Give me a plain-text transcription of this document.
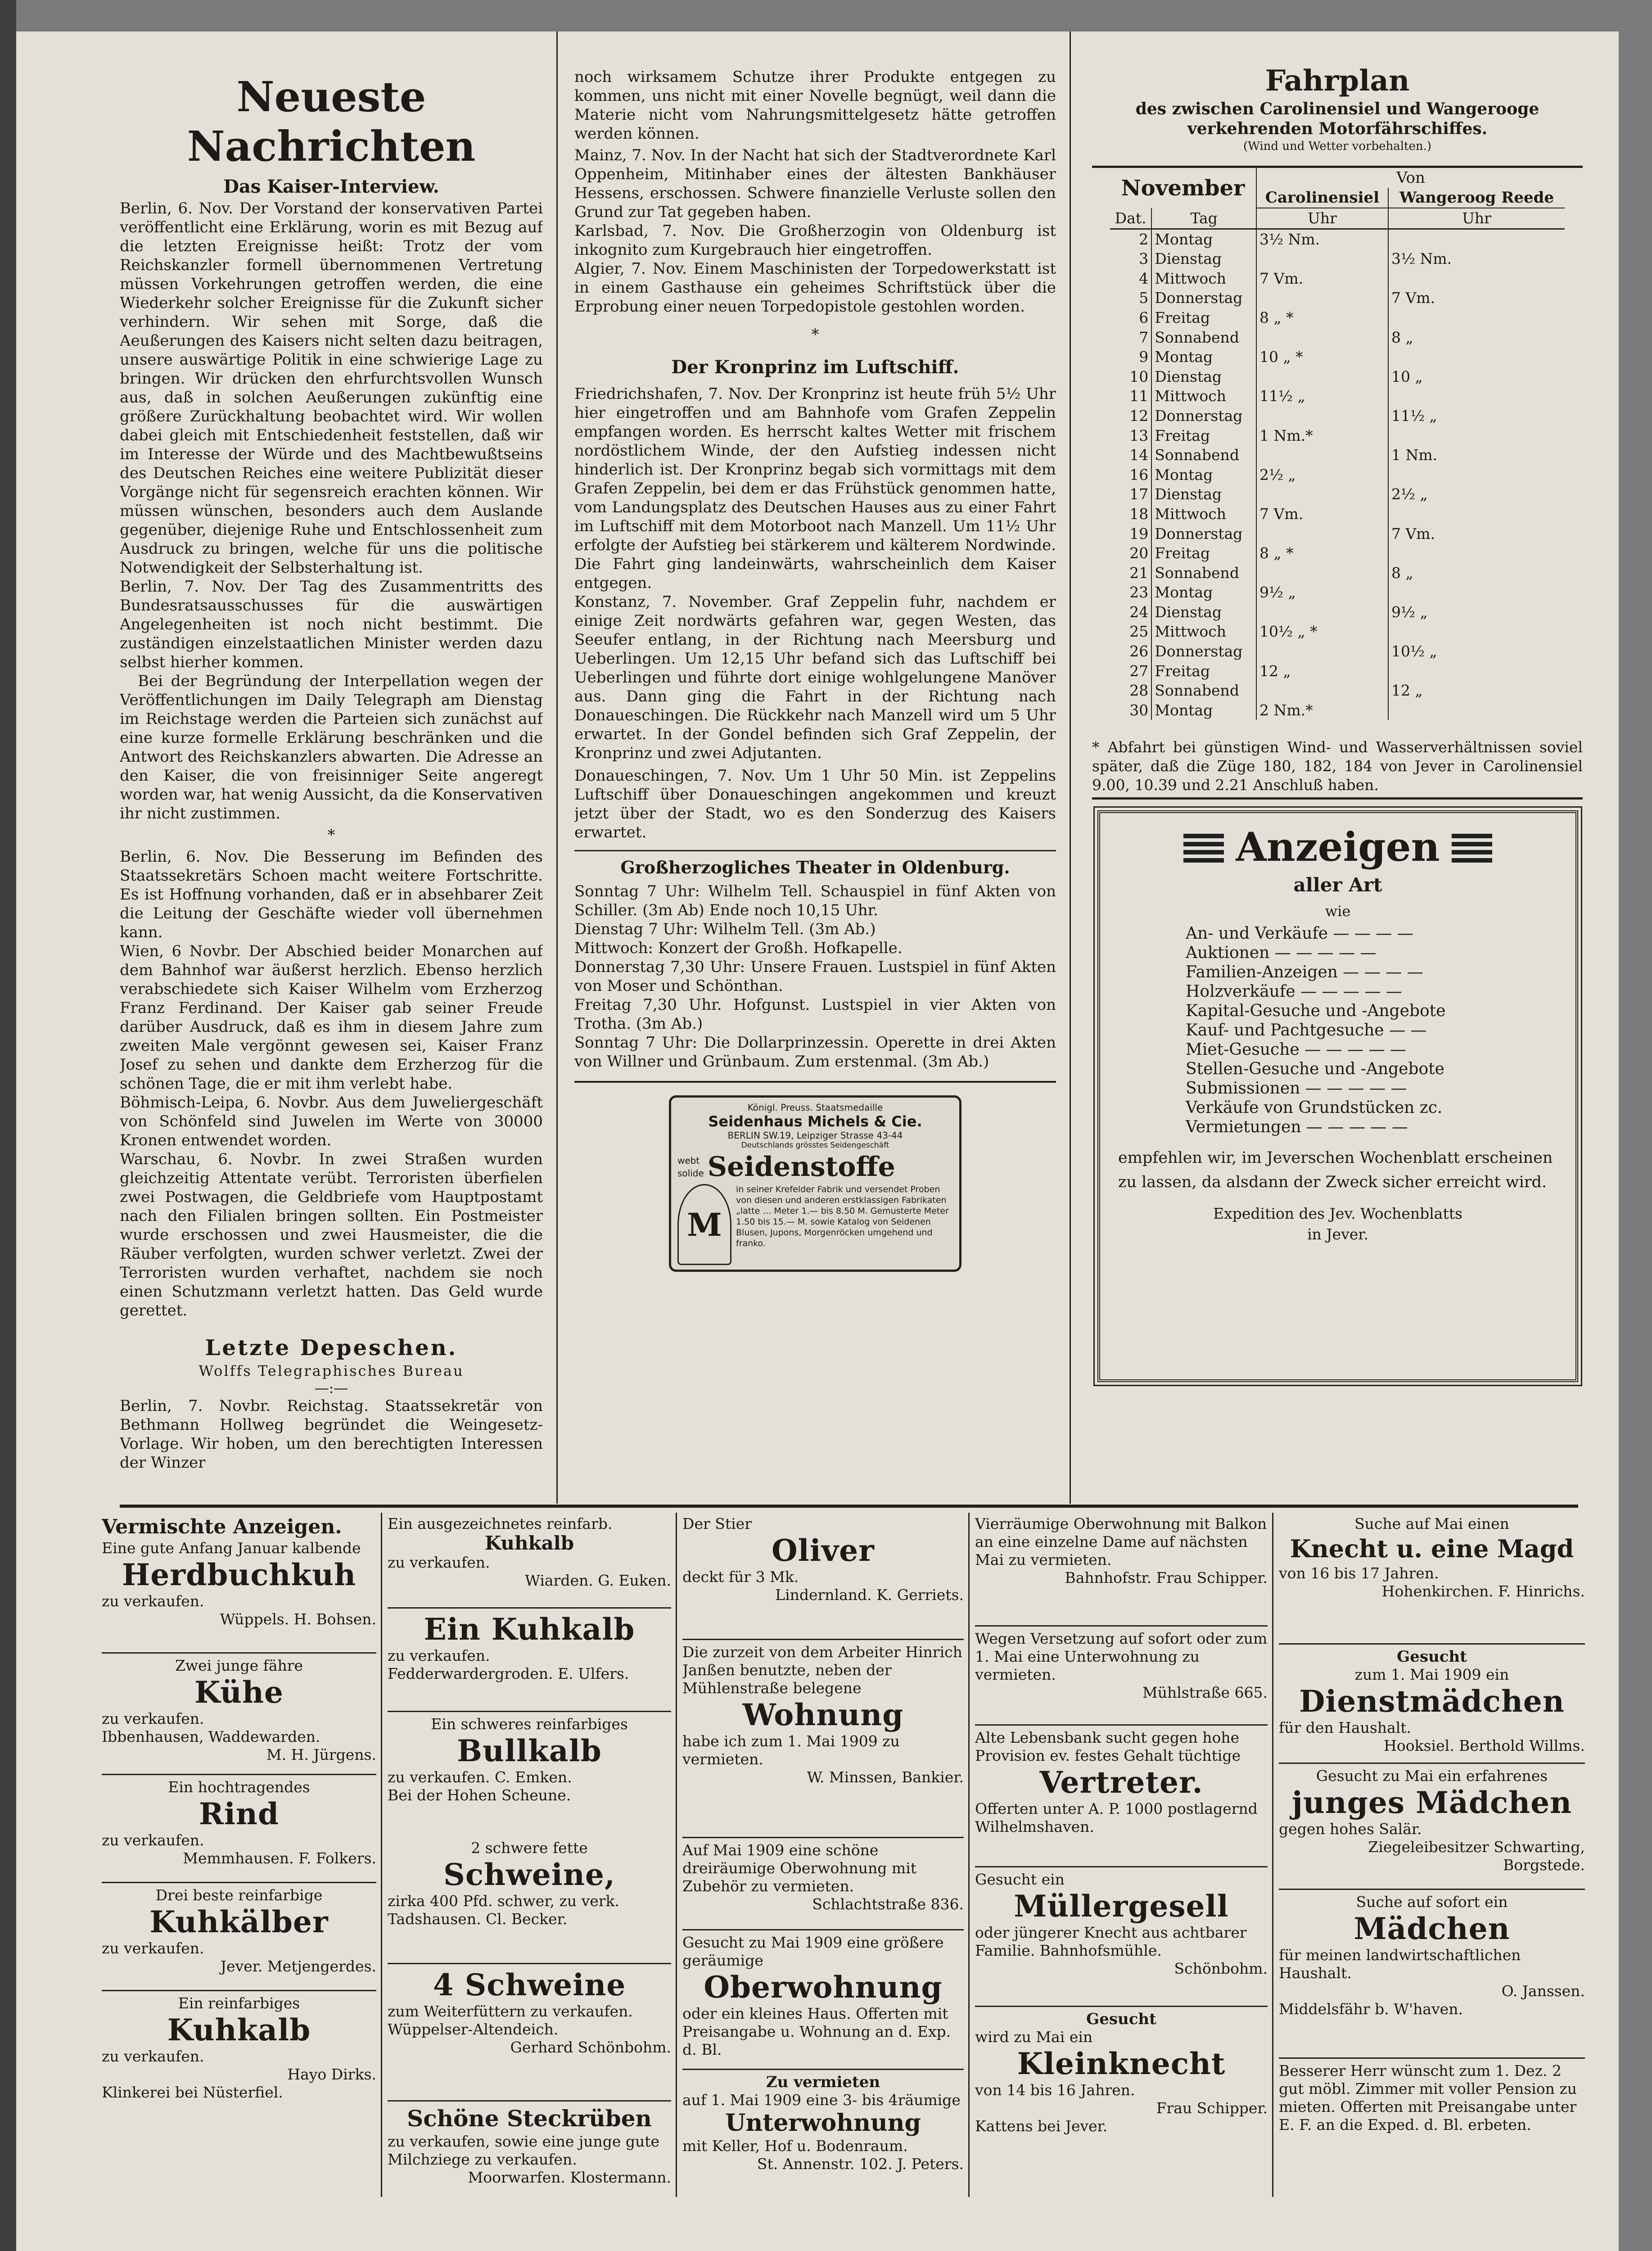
Neueste Nachrichten
Das Kaiser-Interview.

Berlin, 6. Nov. Der Vorstand der konservativen Partei veröffentlicht eine Erklärung, worin es mit Bezug auf die letzten Ereignisse heißt: Trotz der vom Reichskanzler formell übernommenen Vertretung müssen Vorkehrungen getroffen werden, die eine Wiederkehr solcher Ereignisse für die Zukunft sicher verhindern. Wir sehen mit Sorge, daß die Aeußerungen des Kaisers nicht selten dazu beitragen, unsere auswärtige Politik in eine schwierige Lage zu bringen. Wir drücken den ehrfurchtsvollen Wunsch aus, daß in solchen Aeußerungen zukünftig eine größere Zurückhaltung beobachtet wird. Wir wollen dabei gleich mit Entschiedenheit feststellen, daß wir im Interesse der Würde und des Machtbewußtseins des Deutschen Reiches eine weitere Publizität dieser Vorgänge nicht für segensreich erachten können. Wir müssen wünschen, besonders auch dem Auslande gegenüber, diejenige Ruhe und Entschlossenheit zum Ausdruck zu bringen, welche für uns die politische Notwendigkeit der Selbsterhaltung ist.

Berlin, 7. Nov. Der Tag des Zusammentritts des Bundesratsausschusses für die auswärtigen Angelegenheiten ist noch nicht bestimmt. Die zuständigen einzelstaatlichen Minister werden dazu selbst hierher kommen.

Bei der Begründung der Interpellation wegen der Veröffentlichungen im Daily Telegraph am Dienstag im Reichstage werden die Parteien sich zunächst auf eine kurze formelle Erklärung beschränken und die Antwort des Reichskanzlers abwarten. Die Adresse an den Kaiser, die von freisinniger Seite angeregt worden war, hat wenig Aussicht, da die Konservativen ihr nicht zustimmen.

*

Berlin, 6. Nov. Die Besserung im Befinden des Staatssekretärs Schoen macht weitere Fortschritte. Es ist Hoffnung vorhanden, daß er in absehbarer Zeit die Leitung der Geschäfte wieder voll übernehmen kann.

Wien, 6 Novbr. Der Abschied beider Monarchen auf dem Bahnhof war äußerst herzlich. Ebenso herzlich verabschiedete sich Kaiser Wilhelm vom Erzherzog Franz Ferdinand. Der Kaiser gab seiner Freude darüber Ausdruck, daß es ihm in diesem Jahre zum zweiten Male vergönnt gewesen sei, Kaiser Franz Josef zu sehen und dankte dem Erzherzog für die schönen Tage, die er mit ihm verlebt habe.

Böhmisch-Leipa, 6. Novbr. Aus dem Juweliergeschäft von Schönfeld sind Juwelen im Werte von 30000 Kronen entwendet worden.

Warschau, 6. Novbr. In zwei Straßen wurden gleichzeitig Attentate verübt. Terroristen überfielen zwei Postwagen, die Geldbriefe vom Hauptpostamt nach den Filialen bringen sollten. Ein Postmeister wurde erschossen und zwei Hausmeister, die die Räuber verfolgten, wurden schwer verletzt. Zwei der Terroristen wurden verhaftet, nachdem sie noch einen Schutzmann verletzt hatten. Das Geld wurde gerettet.

Letzte Depeschen.
Wolffs Telegraphisches Bureau
—:—

Berlin, 7. Novbr. Reichstag. Staatssekretär von Bethmann Hollweg begründet die Weingesetz-Vorlage. Wir hoben, um den berechtigten Interessen der Winzer

noch wirksamem Schutze ihrer Produkte entgegen zu kommen, uns nicht mit einer Novelle begnügt, weil dann die Materie nicht vom Nahrungsmittelgesetz hätte getroffen werden können.

Mainz, 7. Nov. In der Nacht hat sich der Stadtverordnete Karl Oppenheim, Mitinhaber eines der ältesten Bankhäuser Hessens, erschossen. Schwere finanzielle Verluste sollen den Grund zur Tat gegeben haben.

Karlsbad, 7. Nov. Die Großherzogin von Oldenburg ist inkognito zum Kurgebrauch hier eingetroffen.

Algier, 7. Nov. Einem Maschinisten der Torpedowerkstatt ist in einem Gasthause ein geheimes Schriftstück über die Erprobung einer neuen Torpedopistole gestohlen worden.

*
Der Kronprinz im Luftschiff.

Friedrichshafen, 7. Nov. Der Kronprinz ist heute früh 5½ Uhr hier eingetroffen und am Bahnhofe vom Grafen Zeppelin empfangen worden. Es herrscht kaltes Wetter mit frischem nordöstlichem Winde, der den Aufstieg indessen nicht hinderlich ist. Der Kronprinz begab sich vormittags mit dem Grafen Zeppelin, bei dem er das Frühstück genommen hatte, vom Landungsplatz des Deutschen Hauses aus zu einer Fahrt im Luftschiff mit dem Motorboot nach Manzell. Um 11½ Uhr erfolgte der Aufstieg bei stärkerem und kälterem Nordwinde. Die Fahrt ging landeinwärts, wahrscheinlich dem Kaiser entgegen.

Konstanz, 7. November. Graf Zeppelin fuhr, nachdem er einige Zeit nordwärts gefahren war, gegen Westen, das Seeufer entlang, in der Richtung nach Meersburg und Ueberlingen. Um 12,15 Uhr befand sich das Luftschiff bei Ueberlingen und führte dort einige wohlgelungene Manöver aus. Dann ging die Fahrt in der Richtung nach Donaueschingen. Die Rückkehr nach Manzell wird um 5 Uhr erwartet. In der Gondel befinden sich Graf Zeppelin, der Kronprinz und zwei Adjutanten.

Donaueschingen, 7. Nov. Um 1 Uhr 50 Min. ist Zeppelins Luftschiff über Donaueschingen angekommen und kreuzt jetzt über der Stadt, wo es den Sonderzug des Kaisers erwartet.

Großherzogliches Theater in Oldenburg.

Sonntag 7 Uhr: Wilhelm Tell. Schauspiel in fünf Akten von Schiller. (3m Ab) Ende noch 10,15 Uhr.

Dienstag 7 Uhr: Wilhelm Tell. (3m Ab.)

Mittwoch: Konzert der Großh. Hofkapelle.

Donnerstag 7,30 Uhr: Unsere Frauen. Lustspiel in fünf Akten von Moser und Schönthan.

Freitag 7,30 Uhr. Hofgunst. Lustspiel in vier Akten von Trotha. (3m Ab.)

Sonntag 7 Uhr: Die Dollarprinzessin. Operette in drei Akten von Willner und Grünbaum. Zum erstenmal. (3m Ab.)

Königl. Preuss. Staatsmedaille
Seidenhaus Michels & Cie.
BERLIN SW.19, Leipziger Strasse 43-44
Deutschlands grösstes Seidengeschäft
webt
solide Seidenstoffe
M
in seiner Krefelder Fabrik und versendet Proben von diesen und anderen erstklassigen Fabrikaten „latte … Meter 1.— bis 8.50 M. Gemusterte Meter 1.50 bis 15.— M. sowie Katalog von Seidenen Blusen, Jupons, Morgenröcken umgehend und franko.
Fahrplan
des zwischen Carolinensiel und Wangerooge
verkehrenden Motorfährschiffes.
(Wind und Wetter vorbehalten.)
November		Von	
		Carolinensiel	Wangeroog Reede
Dat.	Tag	Uhr	Uhr
2	Montag	3½ Nm.	
3	Dienstag		3½ Nm.
4	Mittwoch	7 Vm.	
5	Donnerstag		7 Vm.
6	Freitag	8 „ *	
7	Sonnabend		8 „
9	Montag	10 „ *	
10	Dienstag		10 „
11	Mittwoch	11½ „	
12	Donnerstag		11½ „
13	Freitag	1 Nm.*	
14	Sonnabend		1 Nm.
16	Montag	2½ „	
17	Dienstag		2½ „
18	Mittwoch	7 Vm.	
19	Donnerstag		7 Vm.
20	Freitag	8 „ *	
21	Sonnabend		8 „
23	Montag	9½ „	
24	Dienstag		9½ „
25	Mittwoch	10½ „ *	
26	Donnerstag		10½ „
27	Freitag	12 „	
28	Sonnabend		12 „
30	Montag	2 Nm.*	
* Abfahrt bei günstigen Wind- und Wasserverhältnissen soviel später, daß die Züge 180, 182, 184 von Jever in Carolinensiel 9.00, 10.39 und 2.21 Anschluß haben.
Anzeigen
aller Art
wie
An- und Verkäufe — — — —
Auktionen — — — — —
Familien-Anzeigen — — — —
Holzverkäufe — — — — —
Kapital-Gesuche und -Angebote
Kauf- und Pachtgesuche — —
Miet-Gesuche — — — — —
Stellen-Gesuche und -Angebote
Submissionen — — — — —
Verkäufe von Grundstücken zc.
Vermietungen — — — — —

empfehlen wir, im Jeverschen Wochenblatt erscheinen zu lassen, da alsdann der Zweck sicher erreicht wird.

Expedition des Jev. Wochenblatts
in Jever.
Vermischte Anzeigen.
Eine gute Anfang Januar kalbende
Herdbuchkuh
zu verkaufen.
Wüppels. H. Bohsen.
Zwei junge fähre
Kühe
zu verkaufen.
Ibbenhausen, Waddewarden.
M. H. Jürgens.
Ein hochtragendes
Rind
zu verkaufen.
Memmhausen. F. Folkers.
Drei beste reinfarbige
Kuhkälber
zu verkaufen.
Jever. Metjengerdes.
Ein reinfarbiges
Kuhkalb
zu verkaufen.
Hayo Dirks.
Klinkerei bei Nüsterfiel.
Ein ausgezeichnetes reinfarb.
Kuhkalb
zu verkaufen.
Wiarden. G. Euken.
Ein Kuhkalb
zu verkaufen.
Fedderwardergroden. E. Ulfers.
Ein schweres reinfarbiges
Bullkalb
zu verkaufen. C. Emken.
Bei der Hohen Scheune.
2 schwere fette
Schweine,
zirka 400 Pfd. schwer, zu verk.
Tadshausen. Cl. Becker.
4 Schweine
zum Weiterfüttern zu verkaufen.
Wüppelser-Altendeich.
Gerhard Schönbohm.
Schöne Steckrüben
zu verkaufen, sowie eine junge gute Milchziege zu verkaufen.
Moorwarfen. Klostermann.
Der Stier
Oliver
deckt für 3 Mk.
Lindernland. K. Gerriets.
Die zurzeit von dem Arbeiter Hinrich Janßen benutzte, neben der Mühlenstraße belegene
Wohnung
habe ich zum 1. Mai 1909 zu vermieten.
W. Minssen, Bankier.
Auf Mai 1909 eine schöne dreiräumige Oberwohnung mit Zubehör zu vermieten.
Schlachtstraße 836.
Gesucht zu Mai 1909 eine größere geräumige
Oberwohnung
oder ein kleines Haus. Offerten mit Preisangabe u. Wohnung an d. Exp. d. Bl.
Zu vermieten
auf 1. Mai 1909 eine 3- bis 4räumige
Unterwohnung
mit Keller, Hof u. Bodenraum.
St. Annenstr. 102. J. Peters.
Vierräumige Oberwohnung mit Balkon an eine einzelne Dame auf nächsten Mai zu vermieten.
Bahnhofstr. Frau Schipper.
Wegen Versetzung auf sofort oder zum 1. Mai eine Unterwohnung zu vermieten.
Mühlstraße 665.
Alte Lebensbank sucht gegen hohe Provision ev. festes Gehalt tüchtige
Vertreter.
Offerten unter A. P. 1000 postlagernd Wilhelmshaven.
Gesucht ein
Müllergesell
oder jüngerer Knecht aus achtbarer Familie. Bahnhofsmühle.
Schönbohm.
Gesucht
wird zu Mai ein
Kleinknecht
von 14 bis 16 Jahren.
Frau Schipper.
Kattens bei Jever.
Suche auf Mai einen
Knecht u. eine Magd
von 16 bis 17 Jahren.
Hohenkirchen. F. Hinrichs.
Gesucht
zum 1. Mai 1909 ein
Dienstmädchen
für den Haushalt.
Hooksiel. Berthold Willms.
Gesucht zu Mai ein erfahrenes
junges Mädchen
gegen hohes Salär.
Ziegeleibesitzer Schwarting,
Borgstede.
Suche auf sofort ein
Mädchen
für meinen landwirtschaftlichen Haushalt.
O. Janssen.
Middelsfähr b. W'haven.
Besserer Herr wünscht zum 1. Dez. 2 gut möbl. Zimmer mit voller Pension zu mieten. Offerten mit Preisangabe unter E. F. an die Exped. d. Bl. erbeten.
